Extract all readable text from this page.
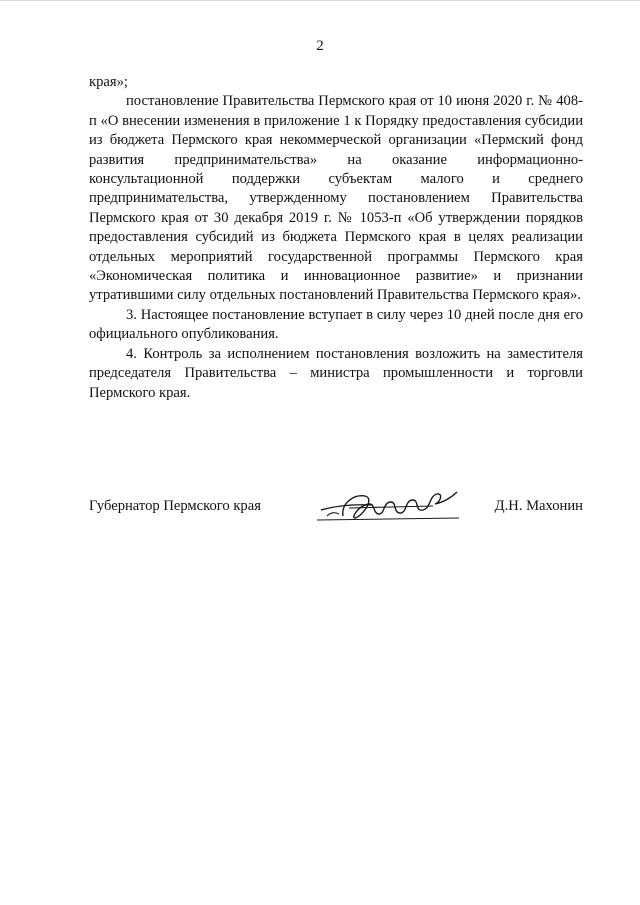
2

края»;

постановление Правительства Пермского края от 10 июня 2020 г. № 408-п «О внесении изменения в приложение 1 к Порядку предоставления субсидии из бюджета Пермского края некоммерческой организации «Пермский фонд развития предпринимательства» на оказание информационно-консультационной поддержки субъектам малого и среднего предпринимательства, утвержденному постановлением Правительства Пермского края от 30 декабря 2019 г. № 1053-п «Об утверждении порядков предоставления субсидий из бюджета Пермского края в целях реализации отдельных мероприятий государственной программы Пермского края «Экономическая политика и инновационное развитие» и признании утратившими силу отдельных постановлений Правительства Пермского края».

3. Настоящее постановление вступает в силу через 10 дней после дня его официального опубликования.

4. Контроль за исполнением постановления возложить на заместителя председателя Правительства – министра промышленности и торговли Пермского края.

Губернатор Пермского края	Д.Н. Махонин
